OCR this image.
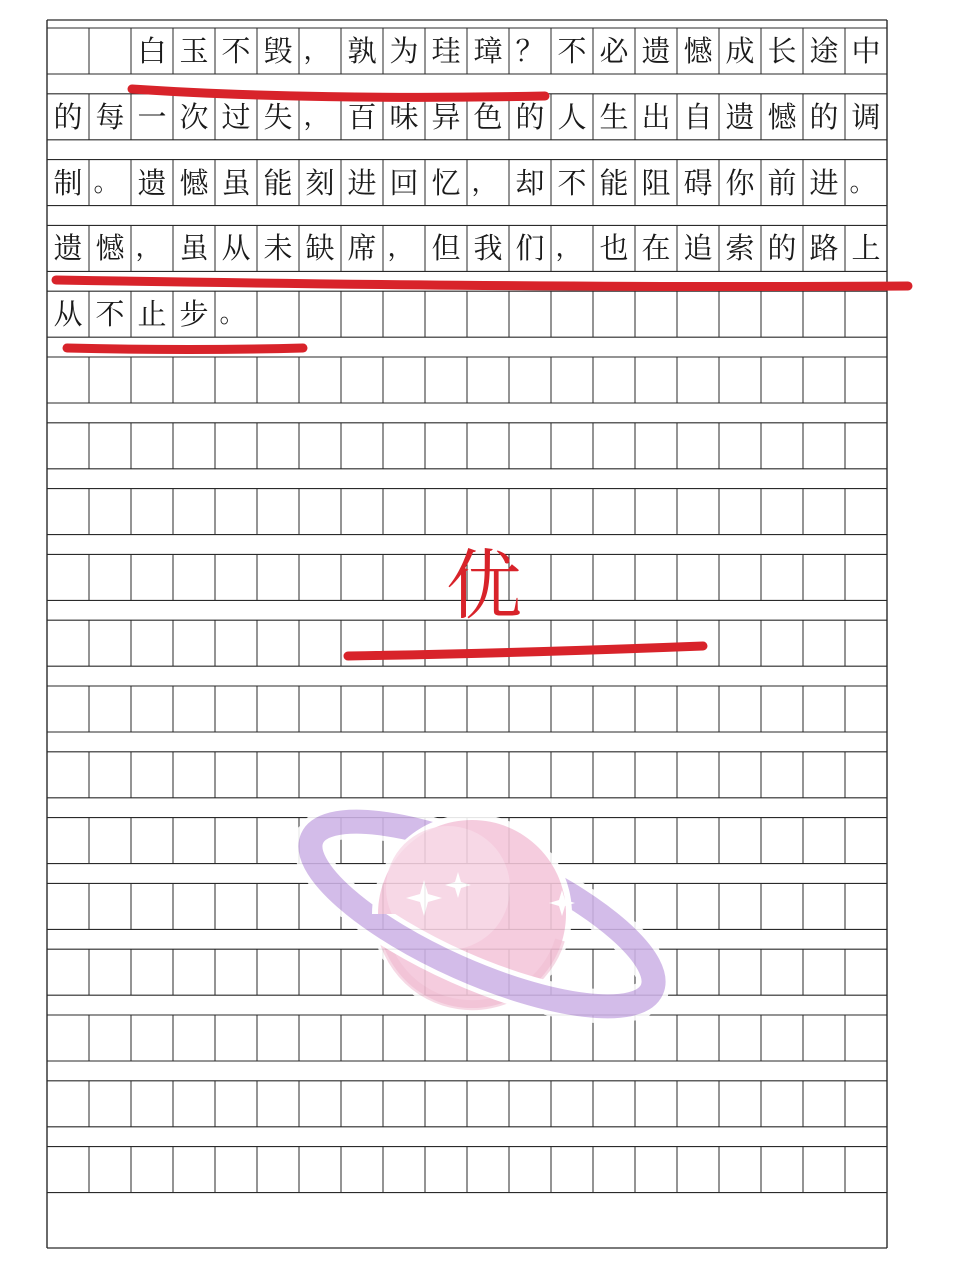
白 玉 不 毁 ， 孰 为 珪 璋 ？ 不 必 遗 憾 成 长 途 中
的 每 一 次 过 失 ， 百 味 异 色 的 人 生 出 自 遗 憾 的 调
制 。 遗 憾 虽 能 刻 进 回 忆 ， 却 不 能 阻 碍 你 前 进 。
遗 憾 ， 虽 从 未 缺 席 ， 但 我 们 ， 也 在 追 索 的 路 上
从 不 止 步 。
优
